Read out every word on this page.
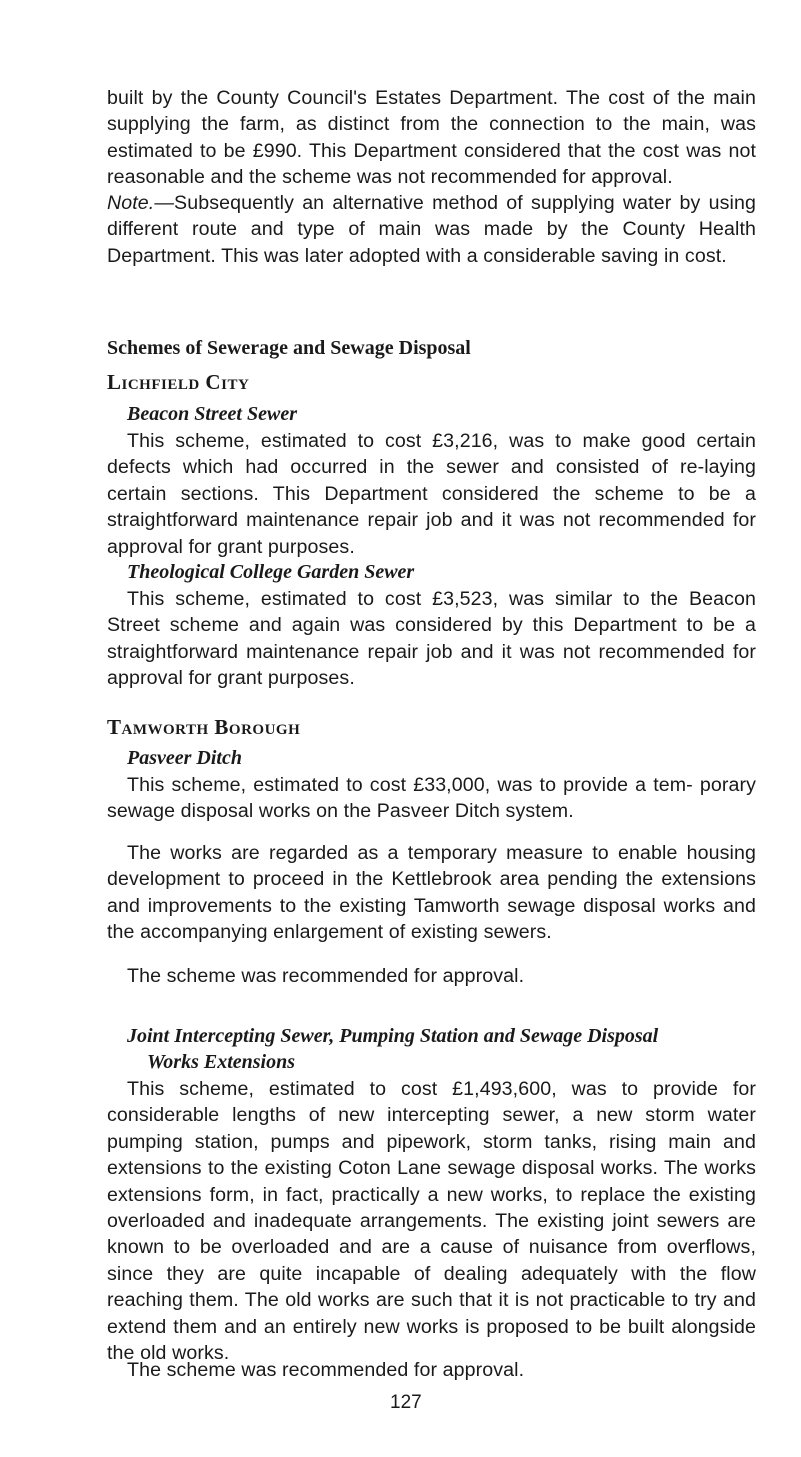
built by the County Council's Estates Department. The cost of the main supplying the farm, as distinct from the connection to the main, was estimated to be £990. This Department considered that the cost was not reasonable and the scheme was not recommended for approval.

Note.—Subsequently an alternative method of supplying water by using different route and type of main was made by the County Health Department. This was later adopted with a considerable saving in cost.

Schemes of Sewerage and Sewage Disposal
Lichfield City
Beacon Street Sewer

This scheme, estimated to cost £3,216, was to make good certain defects which had occurred in the sewer and consisted of re-laying certain sections. This Department considered the scheme to be a straightforward maintenance repair job and it was not recommended for approval for grant purposes.

Theological College Garden Sewer

This scheme, estimated to cost £3,523, was similar to the Beacon Street scheme and again was considered by this Department to be a straightforward maintenance repair job and it was not recommended for approval for grant purposes.

Tamworth Borough
Pasveer Ditch

This scheme, estimated to cost £33,000, was to provide a tem- porary sewage disposal works on the Pasveer Ditch system.

The works are regarded as a temporary measure to enable housing development to proceed in the Kettlebrook area pending the extensions and improvements to the existing Tamworth sewage disposal works and the accompanying enlargement of existing sewers.

The scheme was recommended for approval.

Joint Intercepting Sewer, Pumping Station and Sewage Disposal
Works Extensions

This scheme, estimated to cost £1,493,600, was to provide for considerable lengths of new intercepting sewer, a new storm water pumping station, pumps and pipework, storm tanks, rising main and extensions to the existing Coton Lane sewage disposal works. The works extensions form, in fact, practically a new works, to replace the existing overloaded and inadequate arrangements. The existing joint sewers are known to be overloaded and are a cause of nuisance from overflows, since they are quite incapable of dealing adequately with the flow reaching them. The old works are such that it is not practicable to try and extend them and an entirely new works is proposed to be built alongside the old works.

The scheme was recommended for approval.

127
